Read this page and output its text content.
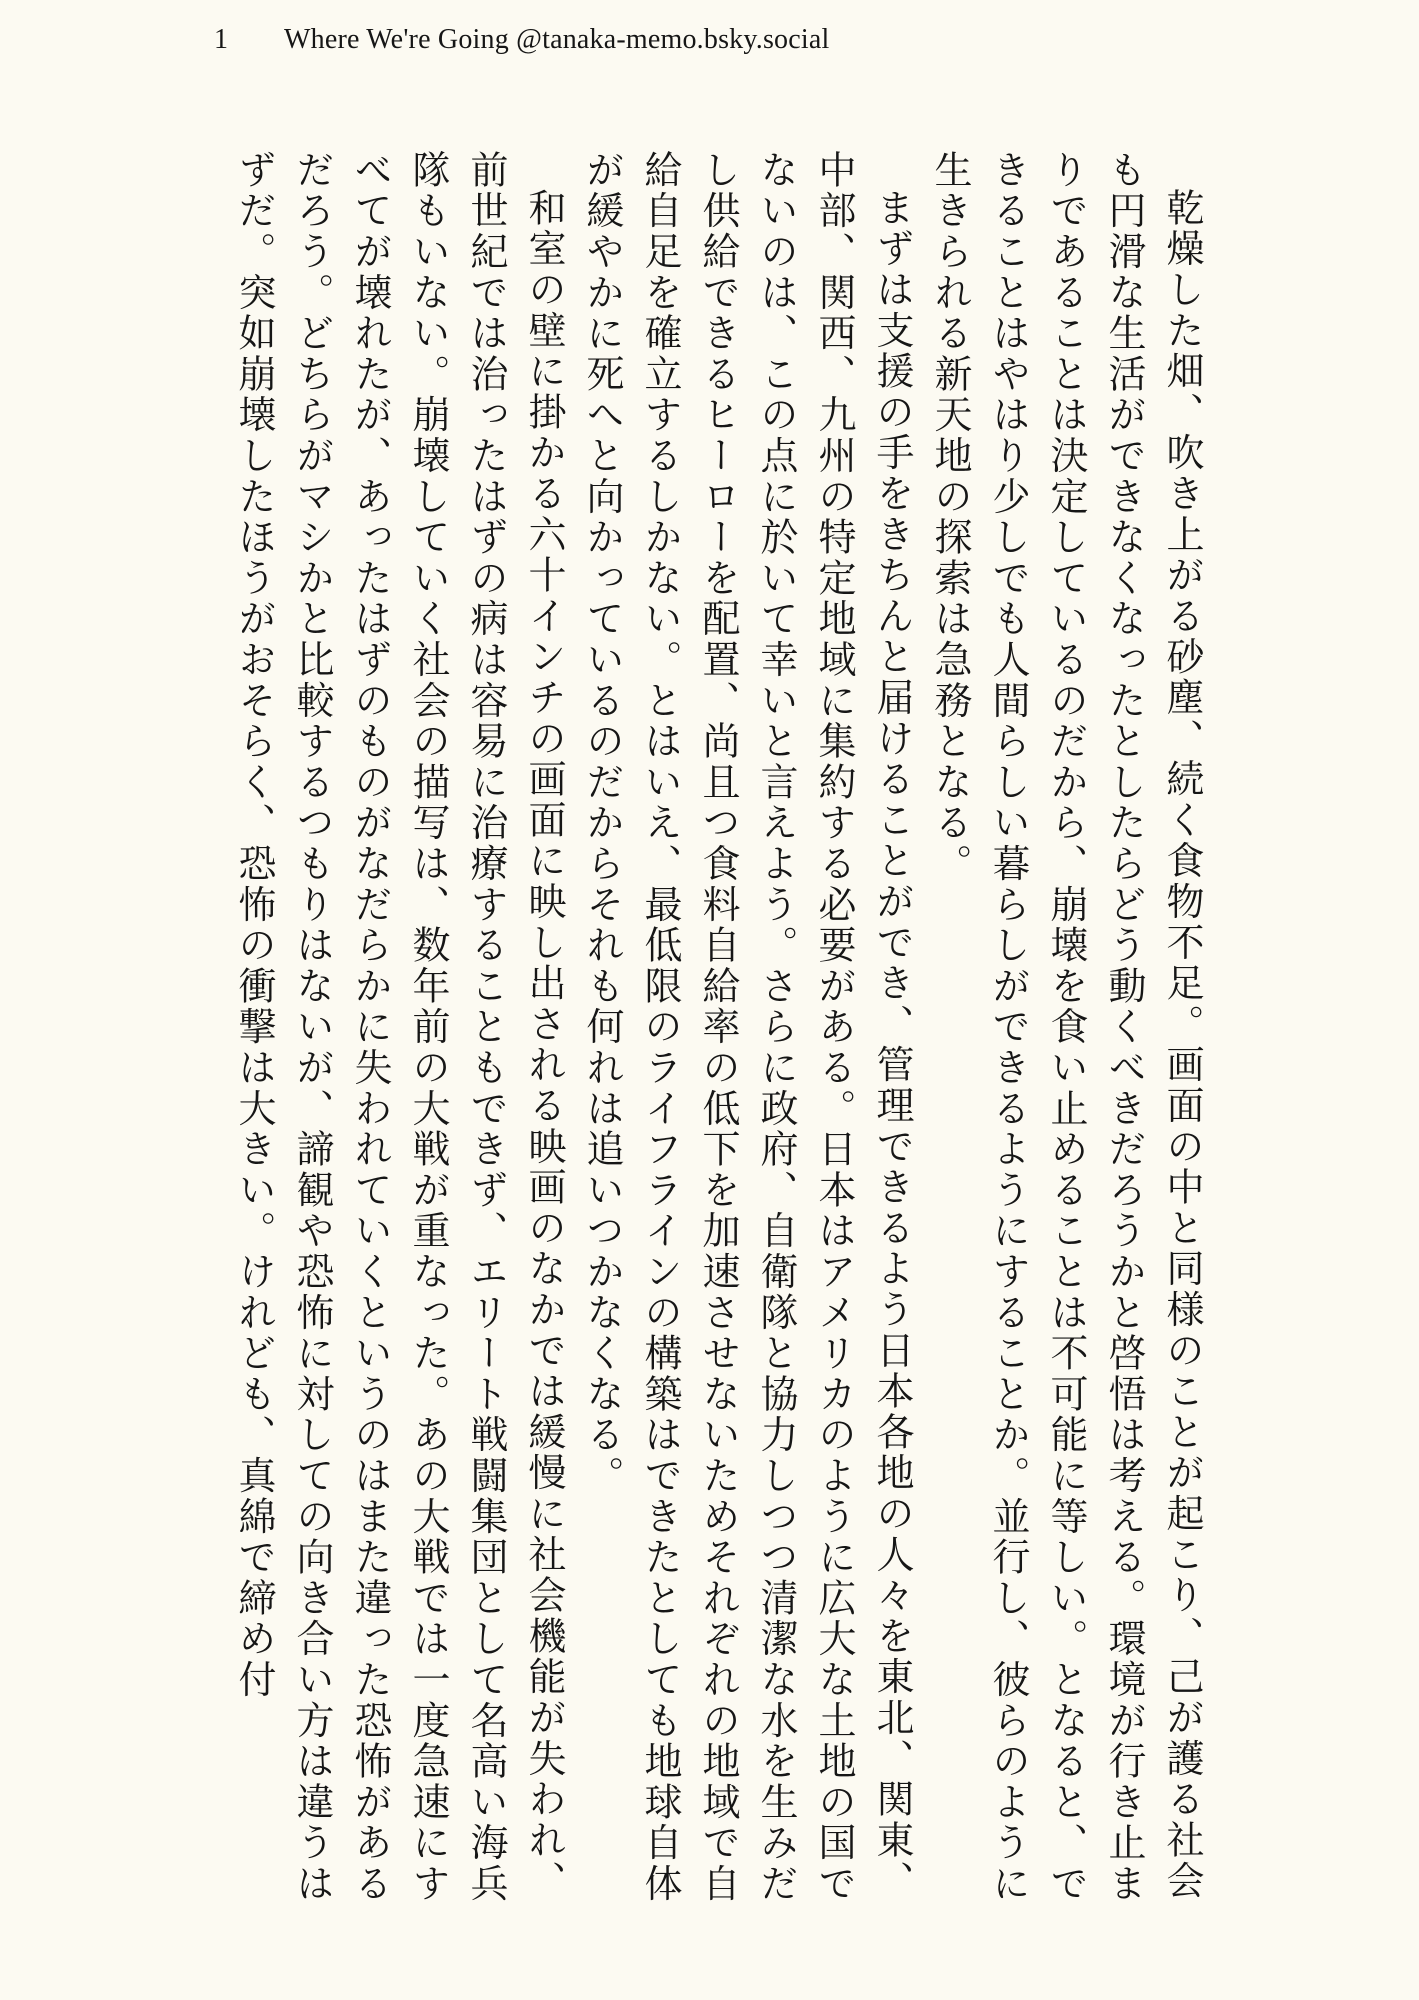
1	Where We're Going @tanaka-memo.bsky.social

乾燥した畑、吹き上がる砂塵、続く食物不足。画面の中と同様のことが起こり、己が護る社会も円滑な生活ができなくなったとしたらどう動くべきだろうかと啓悟は考える。環境が行き止まりであることは決定しているのだから、崩壊を食い止めることは不可能に等しい。となると、できることはやはり少しでも人間らしい暮らしができるようにすることか。並行し、彼らのように生きられる新天地の探索は急務となる。

まずは支援の手をきちんと届けることができ、管理できるよう日本各地の人々を東北、関東、中部、関西、九州の特定地域に集約する必要がある。日本はアメリカのように広大な土地の国でないのは、この点に於いて幸いと言えよう。さらに政府、自衛隊と協力しつつ清潔な水を生みだし供給できるヒーローを配置、尚且つ食料自給率の低下を加速させないためそれぞれの地域で自給自足を確立するしかない。とはいえ、最低限のライフラインの構築はできたとしても地球自体が緩やかに死へと向かっているのだからそれも何れは追いつかなくなる。

和室の壁に掛かる六十インチの画面に映し出される映画のなかでは緩慢に社会機能が失われ、前世紀では治ったはずの病は容易に治療することもできず、エリート戦闘集団として名高い海兵隊もいない。崩壊していく社会の描写は、数年前の大戦が重なった。あの大戦では一度急速にすべてが壊れたが、あったはずのものがなだらかに失われていくというのはまた違った恐怖があるだろう。どちらがマシかと比較するつもりはないが、諦観や恐怖に対しての向き合い方は違うはずだ。突如崩壊したほうがおそらく、恐怖の衝撃は大きい。けれども、真綿で締め付
